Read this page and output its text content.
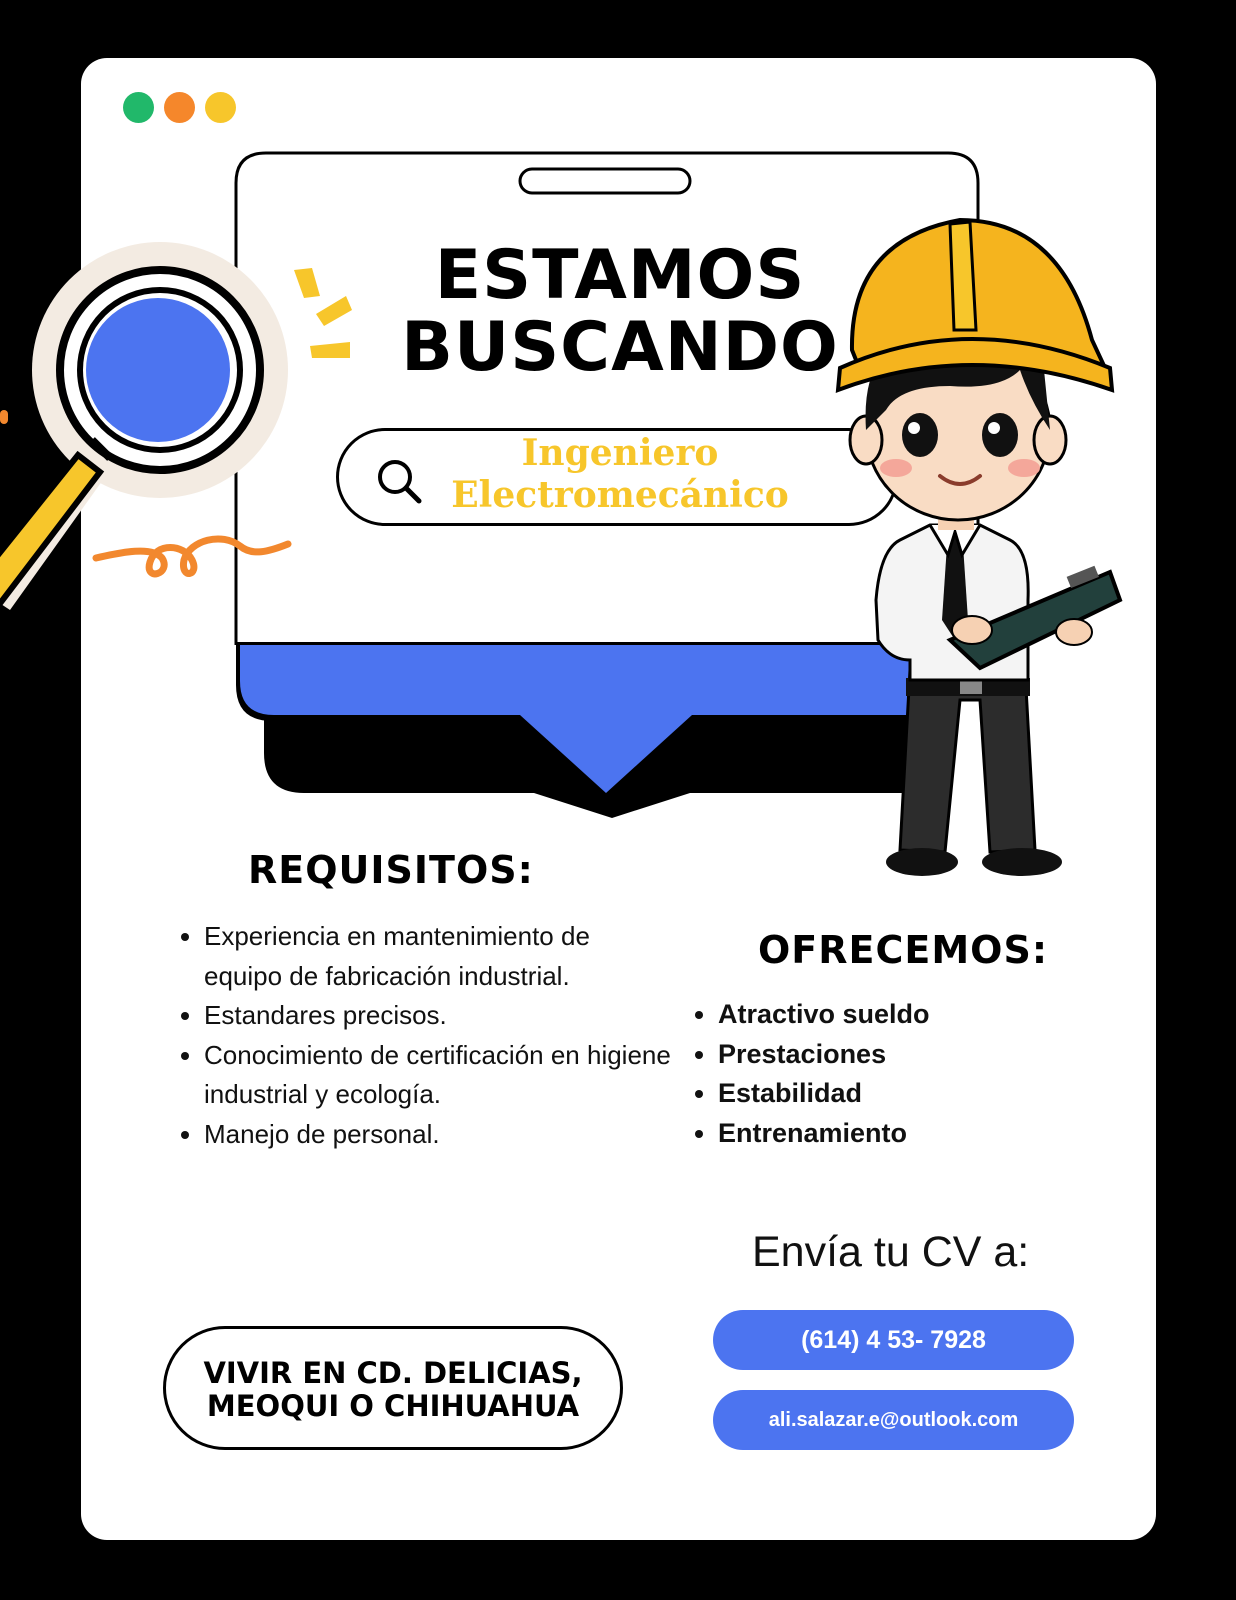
ESTAMOS
BUSCANDO
Ingeniero
Electromecánico
REQUISITOS:
• Experiencia en mantenimiento de equipo de fabricación industrial.
• Estandares precisos.
• Conocimiento de certificación en higiene industrial y ecología.
• Manejo de personal.
OFRECEMOS:
• Atractivo sueldo
• Prestaciones
• Estabilidad
• Entrenamiento
Envía tu CV a:
(614) 4 53- 7928
ali.salazar.e@outlook.com
VIVIR EN CD. DELICIAS,
MEOQUI O CHIHUAHUA
